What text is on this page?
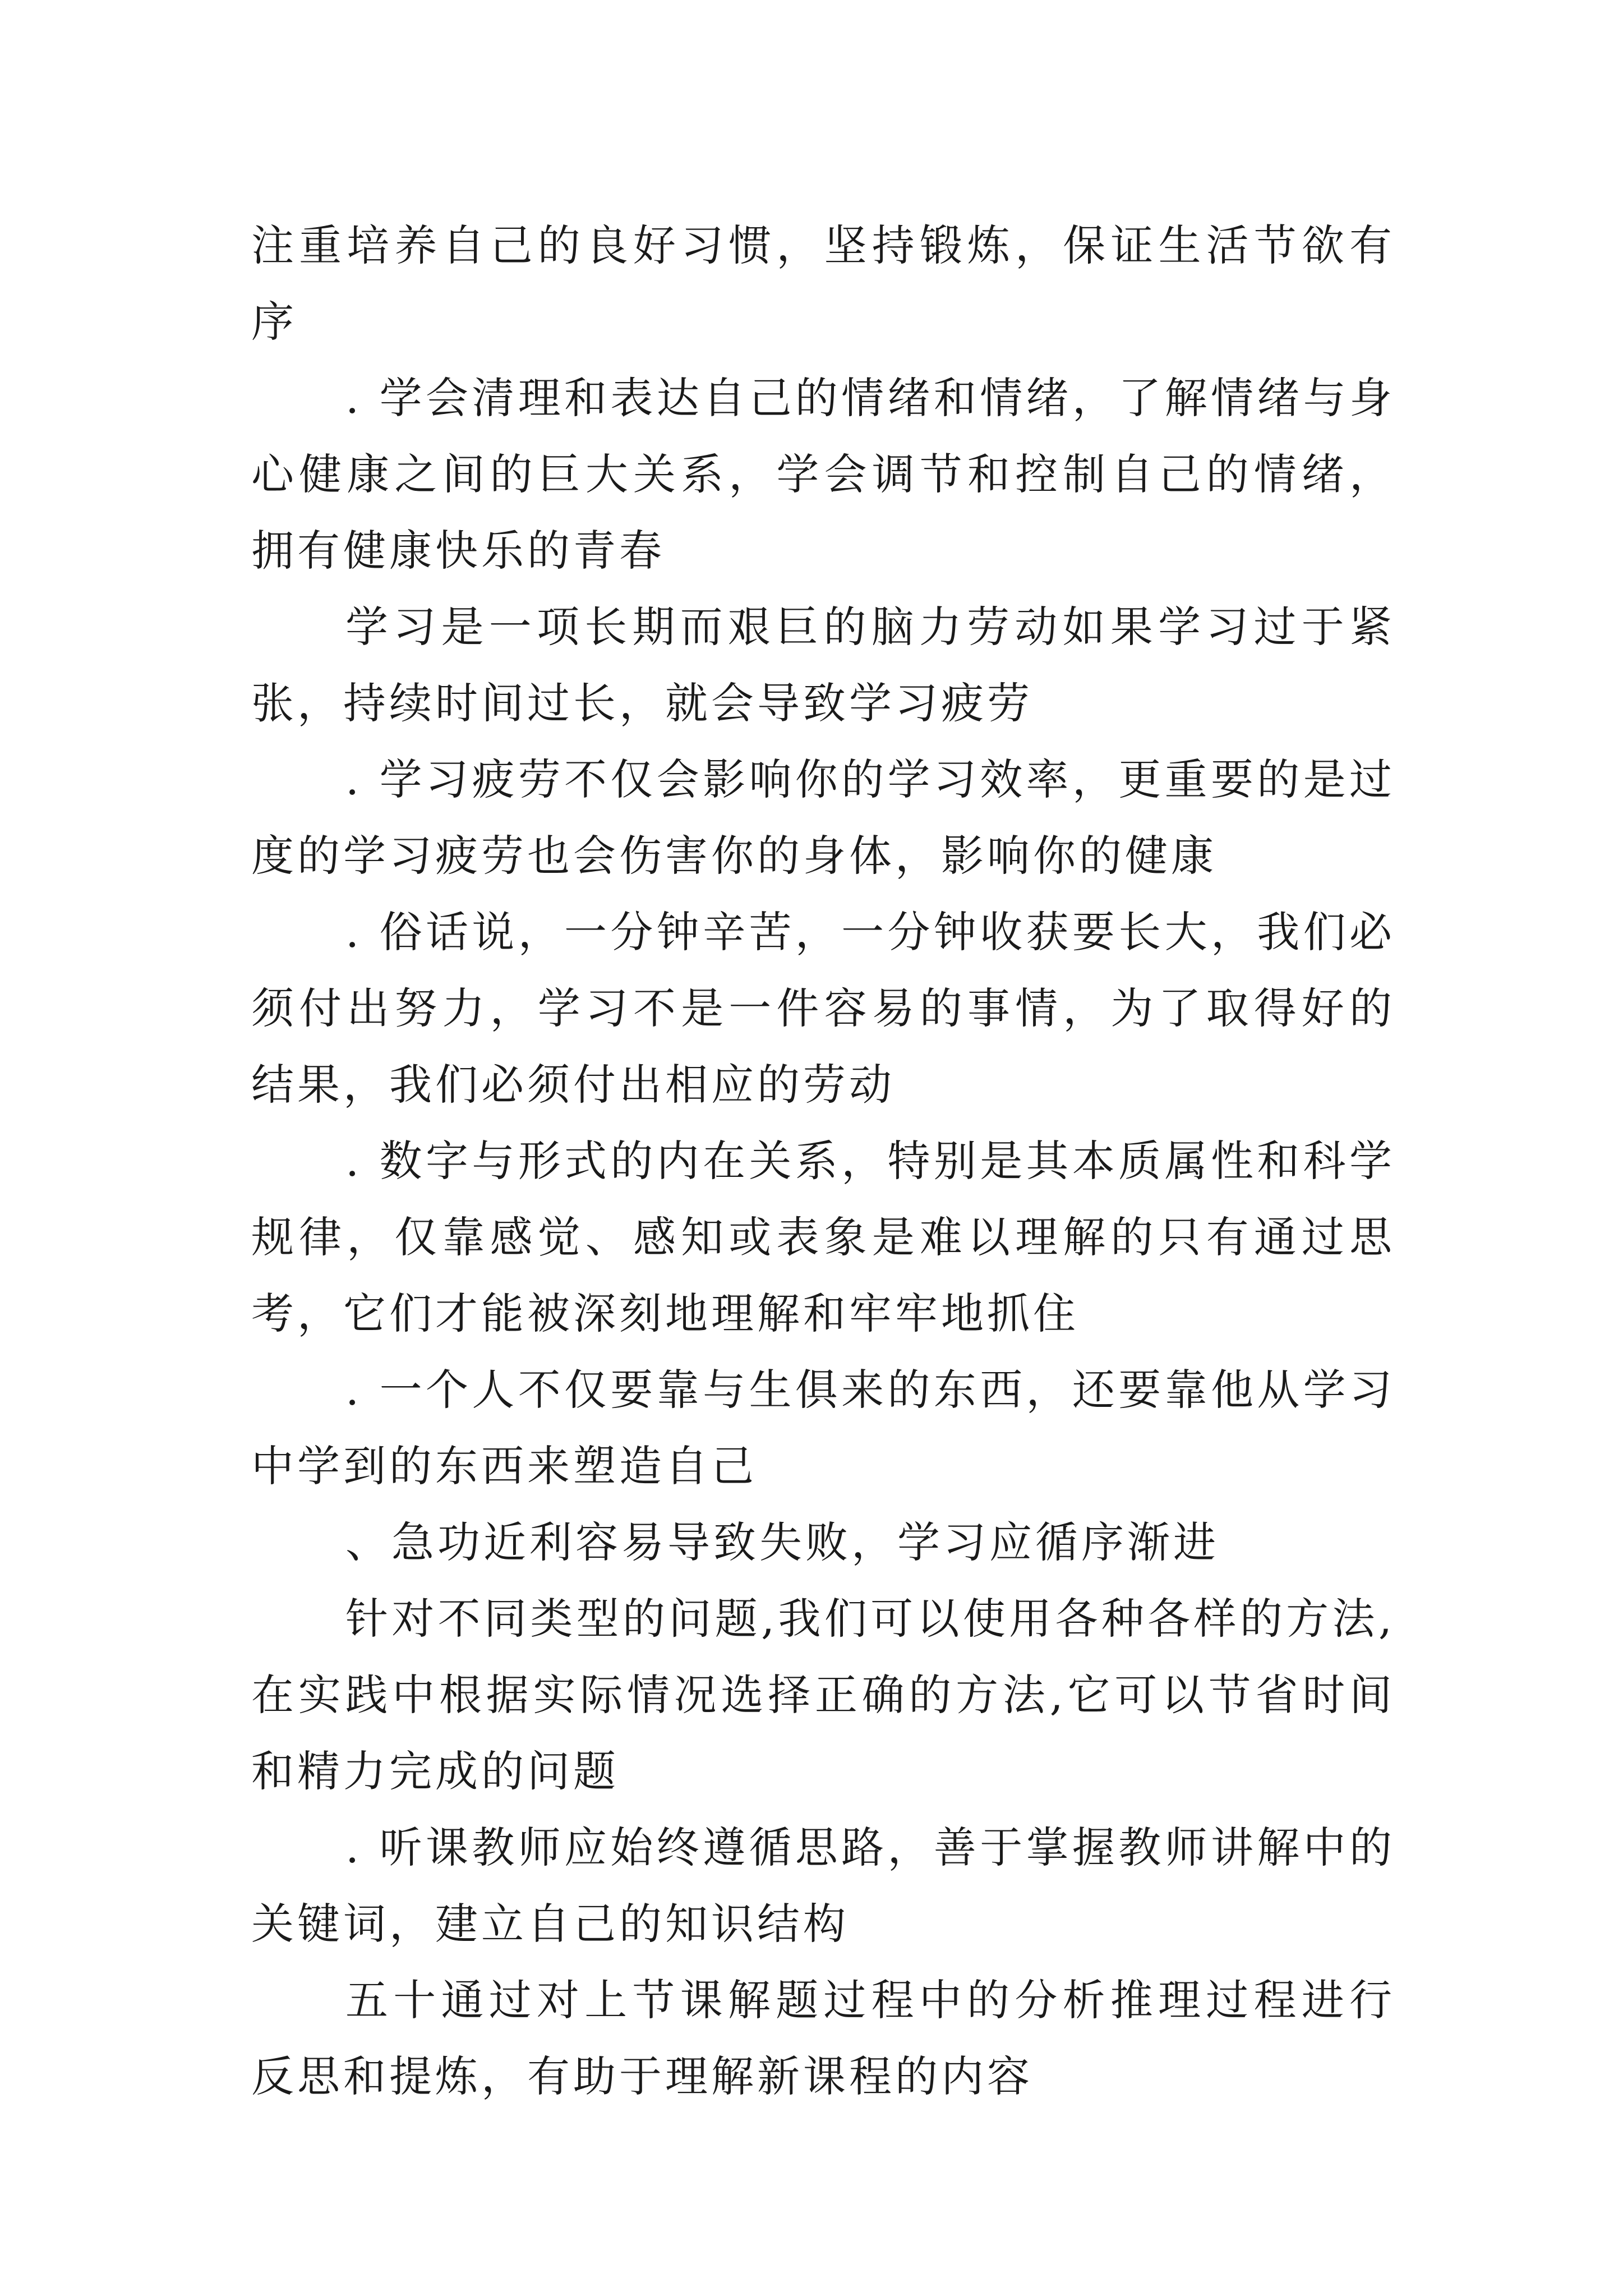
注重培养自己的良好习惯，坚持锻炼，保证生活节欲有序

. 学会清理和表达自己的情绪和情绪，了解情绪与身心健康之间的巨大关系，学会调节和控制自己的情绪，拥有健康快乐的青春

学习是一项长期而艰巨的脑力劳动如果学习过于紧张，持续时间过长，就会导致学习疲劳

. 学习疲劳不仅会影响你的学习效率，更重要的是过度的学习疲劳也会伤害你的身体，影响你的健康

. 俗话说，一分钟辛苦，一分钟收获要长大，我们必须付出努力，学习不是一件容易的事情，为了取得好的结果，我们必须付出相应的劳动

. 数字与形式的内在关系，特别是其本质属性和科学规律，仅靠感觉、感知或表象是难以理解的只有通过思考，它们才能被深刻地理解和牢牢地抓住

. 一个人不仅要靠与生俱来的东西，还要靠他从学习中学到的东西来塑造自己

、急功近利容易导致失败，学习应循序渐进

针对不同类型的问题,我们可以使用各种各样的方法,在实践中根据实际情况选择正确的方法,它可以节省时间和精力完成的问题

. 听课教师应始终遵循思路，善于掌握教师讲解中的关键词，建立自己的知识结构

五十通过对上节课解题过程中的分析推理过程进行反思和提炼，有助于理解新课程的内容
